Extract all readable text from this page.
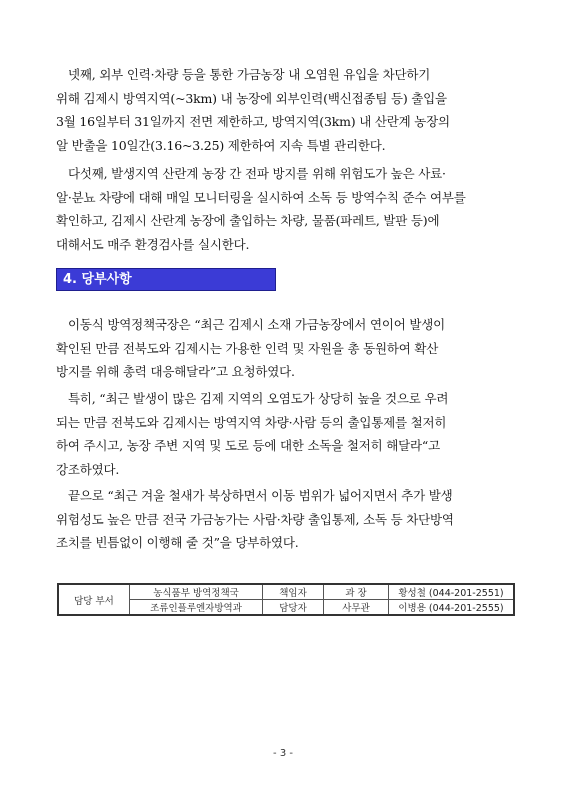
넷째, 외부 인력·차량 등을 통한 가금농장 내 오염원 유입을 차단하기
위해 김제시 방역지역(~3km) 내 농장에 외부인력(백신접종팀 등) 출입을
3월 16일부터 31일까지 전면 제한하고, 방역지역(3km) 내 산란계 농장의
알 반출을 10일간(3.16~3.25) 제한하여 지속 특별 관리한다.

다섯째, 발생지역 산란계 농장 간 전파 방지를 위해 위험도가 높은 사료·
알·분뇨 차량에 대해 매일 모니터링을 실시하여 소독 등 방역수칙 준수 여부를
확인하고, 김제시 산란계 농장에 출입하는 차량, 물품(파레트, 발판 등)에
대해서도 매주 환경검사를 실시한다.

4. 당부사항

이동식 방역정책국장은 “최근 김제시 소재 가금농장에서 연이어 발생이
확인된 만큼 전북도와 김제시는 가용한 인력 및 자원을 총 동원하여 확산
방지를 위해 총력 대응해달라”고 요청하였다.

특히, “최근 발생이 많은 김제 지역의 오염도가 상당히 높을 것으로 우려
되는 만큼 전북도와 김제시는 방역지역 차량·사람 등의 출입통제를 철저히
하여 주시고, 농장 주변 지역 및 도로 등에 대한 소독을 철저히 해달라“고
강조하였다.

끝으로 “최근 겨울 철새가 북상하면서 이동 범위가 넓어지면서 추가 발생
위험성도 높은 만큼 전국 가금농가는 사람·차량 출입통제, 소독 등 차단방역
조치를 빈틈없이 이행해 줄 것”을 당부하였다.

담당 부서	농식품부 방역정책국	책임자	과 장	황성철 (044-201-2551)
	조류인플루엔자방역과	담당자	사무관	이병용 (044-201-2555)
- 3 -
